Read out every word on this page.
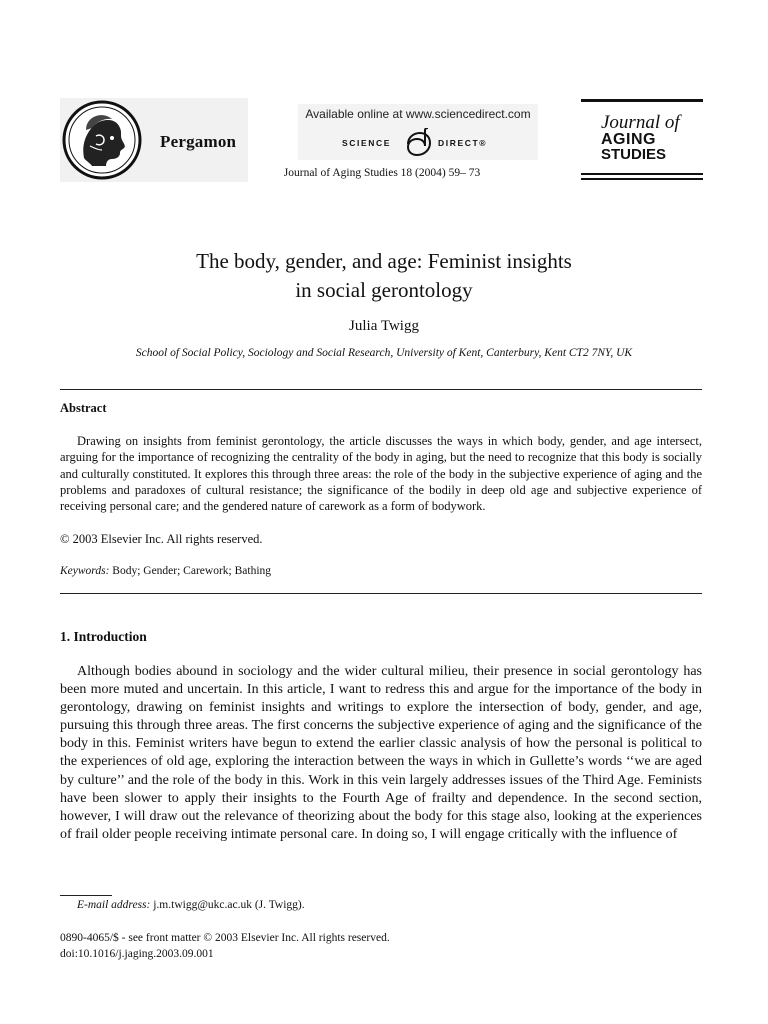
Pergamon
Available online at www.sciencedirect.com
SCIENCE	DIRECT®
Journal of Aging Studies 18 (2004) 59– 73
Journal of
AGING
STUDIES
The body, gender, and age: Feminist insights
in social gerontology
Julia Twigg
School of Social Policy, Sociology and Social Research, University of Kent, Canterbury, Kent CT2 7NY, UK
Abstract
Drawing on insights from feminist gerontology, the article discusses the ways in which body, gender, and age intersect, arguing for the importance of recognizing the centrality of the body in aging, but the need to recognize that this body is socially and culturally constituted. It explores this through three areas: the role of the body in the subjective experience of aging and the problems and paradoxes of cultural resistance; the significance of the bodily in deep old age and subjective experience of receiving personal care; and the gendered nature of carework as a form of bodywork.
© 2003 Elsevier Inc. All rights reserved.
Keywords: Body; Gender; Carework; Bathing
1. Introduction
Although bodies abound in sociology and the wider cultural milieu, their presence in social gerontology has been more muted and uncertain. In this article, I want to redress this and argue for the importance of the body in gerontology, drawing on feminist insights and writings to explore the intersection of body, gender, and age, pursuing this through three areas. The first concerns the subjective experience of aging and the significance of the body in this. Feminist writers have begun to extend the earlier classic analysis of how the personal is political to the experiences of old age, exploring the interaction between the ways in which in Gullette’s words ‘‘we are aged by culture’’ and the role of the body in this. Work in this vein largely addresses issues of the Third Age. Feminists have been slower to apply their insights to the Fourth Age of frailty and dependence. In the second section, however, I will draw out the relevance of theorizing about the body for this stage also, looking at the experiences of frail older people receiving intimate personal care. In doing so, I will engage critically with the influence of
E-mail address: j.m.twigg@ukc.ac.uk (J. Twigg).
0890-4065/$ - see front matter © 2003 Elsevier Inc. All rights reserved.
doi:10.1016/j.jaging.2003.09.001
